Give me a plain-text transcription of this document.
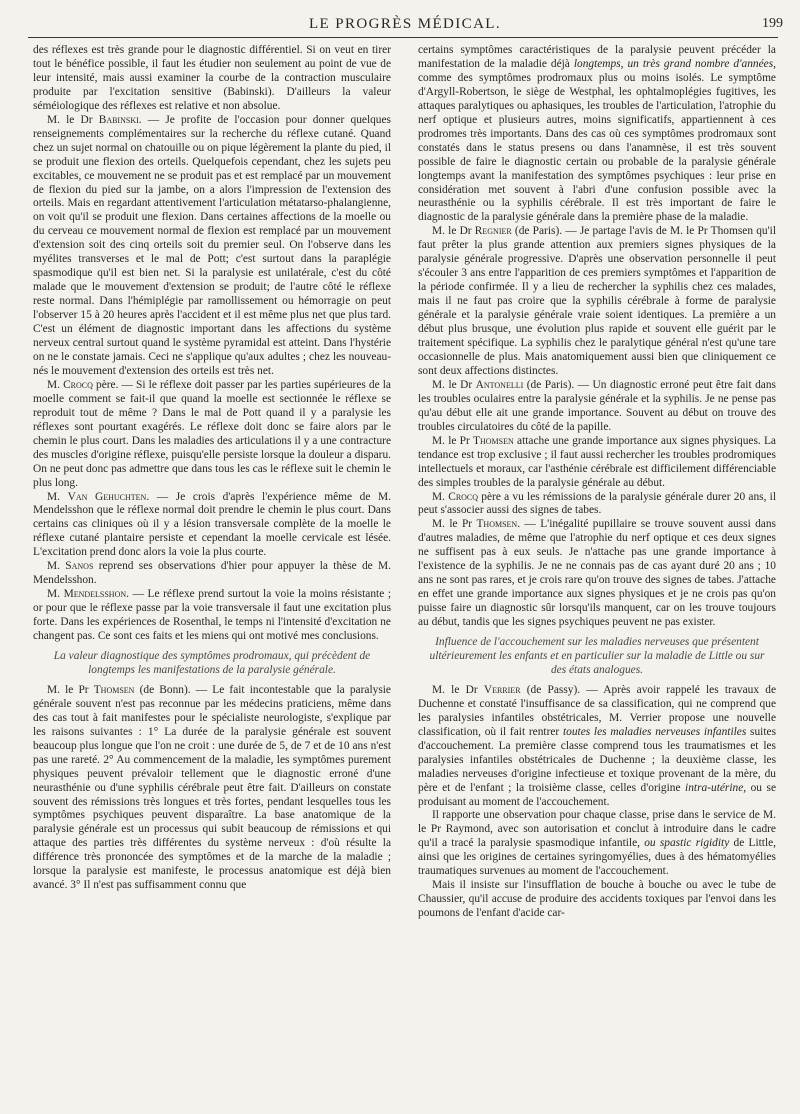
LE PROGRÈS MÉDICAL.	199

des réflexes est très grande pour le diagnostic différentiel. Si on veut en tirer tout le bénéfice possible, il faut les étudier non seulement au point de vue de leur intensité, mais aussi examiner la courbe de la contraction musculaire produite par l'excitation sensitive (Babinski). D'ailleurs la valeur séméiologique des réflexes est relative et non absolue.

M. le Dr Babinski. — Je profite de l'occasion pour donner quelques renseignements complémentaires sur la recherche du réflexe cutané. Quand chez un sujet normal on chatouille ou on pique légèrement la plante du pied, il se produit une flexion des orteils. Quelquefois cependant, chez les sujets peu excitables, ce mouvement ne se produit pas et est remplacé par un mouvement de flexion du pied sur la jambe, on a alors l'impression de l'extension des orteils. Mais en regardant attentivement l'articulation métatarso-phalangienne, on voit qu'il se produit une flexion. Dans certaines affections de la moelle ou du cerveau ce mouvement normal de flexion est remplacé par un mouvement d'extension soit des cinq orteils soit du premier seul. On l'observe dans les myélites transverses et le mal de Pott; c'est surtout dans la paraplégie spasmodique qu'il est bien net. Si la paralysie est unilatérale, c'est du côté malade que le mouvement d'extension se produit; de l'autre côté le réflexe reste normal. Dans l'hémiplégie par ramollissement ou hémorragie on peut l'observer 15 à 20 heures après l'accident et il est même plus net que plus tard. C'est un élément de diagnostic important dans les affections du système nerveux central surtout quand le système pyramidal est atteint. Dans l'hystérie on ne le constate jamais. Ceci ne s'applique qu'aux adultes ; chez les nouveau-nés le mouvement d'extension des orteils est très net.

M. Crocq père. — Si le réflexe doit passer par les parties supérieures de la moelle comment se fait-il que quand la moelle est sectionnée le réflexe se reproduit tout de même ? Dans le mal de Pott quand il y a paralysie les réflexes sont pourtant exagérés. Le réflexe doit donc se faire alors par le chemin le plus court. Dans les maladies des articulations il y a une contracture des muscles d'origine réflexe, puisqu'elle persiste lorsque la douleur a disparu. On ne peut donc pas admettre que dans tous les cas le réflexe suit le chemin le plus long.

M. Van Gehuchten. — Je crois d'après l'expérience même de M. Mendelsshon que le réflexe normal doit prendre le chemin le plus court. Dans certains cas cliniques où il y a lésion transversale complète de la moelle le réflexe cutané plantaire persiste et cependant la moelle cervicale est lésée. L'excitation prend donc alors la voie la plus courte.

M. Sanos reprend ses observations d'hier pour appuyer la thèse de M. Mendelsshon.

M. Mendelsshon. — Le réflexe prend surtout la voie la moins résistante ; or pour que le réflexe passe par la voie transversale il faut une excitation plus forte. Dans les expériences de Rosenthal, le temps ni l'intensité d'excitation ne changent pas. Ce sont ces faits et les miens qui ont motivé mes conclusions.

La valeur diagnostique des symptômes prodromaux, qui précèdent de longtemps les manifestations de la paralysie générale.

M. le Pr Thomsen (de Bonn). — Le fait incontestable que la paralysie générale souvent n'est pas reconnue par les médecins praticiens, même dans des cas tout à fait manifestes pour le spécialiste neurologiste, s'explique par les raisons suivantes : 1° La durée de la paralysie générale est souvent beaucoup plus longue que l'on ne croit : une durée de 5, de 7 et de 10 ans n'est pas une rareté. 2° Au commencement de la maladie, les symptômes purement physiques peuvent prévaloir tellement que le diagnostic erroné d'une neurasthénie ou d'une syphilis cérébrale peut être fait. D'ailleurs on constate souvent des rémissions très longues et très fortes, pendant lesquelles tous les symptômes psychiques peuvent disparaître. La base anatomique de la paralysie générale est un processus qui subit beaucoup de rémissions et qui attaque des parties très différentes du système nerveux : d'où résulte la différence très prononcée des symptômes et de la marche de la maladie ; lorsque la paralysie est manifeste, le processus anatomique est déjà bien avancé. 3° Il n'est pas suffisamment connu que

certains symptômes caractéristiques de la paralysie peuvent précéder la manifestation de la maladie déjà longtemps, un très grand nombre d'années, comme des symptômes prodromaux plus ou moins isolés. Le symptôme d'Argyll-Robertson, le siège de Westphal, les ophtalmoplégies fugitives, les attaques paralytiques ou aphasiques, les troubles de l'articulation, l'atrophie du nerf optique et plusieurs autres, moins significatifs, appartiennent à ces prodromes très importants. Dans des cas où ces symptômes prodromaux sont constatés dans le status presens ou dans l'anamnèse, il est très souvent possible de faire le diagnostic certain ou probable de la paralysie générale longtemps avant la manifestation des symptômes psychiques : leur prise en considération met souvent à l'abri d'une confusion possible avec la neurasthénie ou la syphilis cérébrale. Il est très important de faire le diagnostic de la paralysie générale dans la première phase de la maladie.

M. le Dr Regnier (de Paris). — Je partage l'avis de M. le Pr Thomsen qu'il faut prêter la plus grande attention aux premiers signes physiques de la paralysie générale progressive. D'après une observation personnelle il peut s'écouler 3 ans entre l'apparition de ces premiers symptômes et l'apparition de la période confirmée. Il y a lieu de rechercher la syphilis chez ces malades, mais il ne faut pas croire que la syphilis cérébrale à forme de paralysie générale et la paralysie générale vraie soient identiques. La première a un début plus brusque, une évolution plus rapide et souvent elle guérit par le traitement spécifique. La syphilis chez le paralytique général n'est qu'une tare occasionnelle de plus. Mais anatomiquement aussi bien que cliniquement ce sont deux affections distinctes.

M. le Dr Antonelli (de Paris). — Un diagnostic erroné peut être fait dans les troubles oculaires entre la paralysie générale et la syphilis. Je ne pense pas qu'au début elle ait une grande importance. Souvent au début on trouve des troubles circulatoires du côté de la papille.

M. le Pr Thomsen attache une grande importance aux signes physiques. La tendance est trop exclusive ; il faut aussi rechercher les troubles prodromiques intellectuels et moraux, car l'asthénie cérébrale est difficilement différenciable des simples troubles de la paralysie générale au début.

M. Crocq père a vu les rémissions de la paralysie générale durer 20 ans, il peut s'associer aussi des signes de tabes.

M. le Pr Thomsen. — L'inégalité pupillaire se trouve souvent aussi dans d'autres maladies, de même que l'atrophie du nerf optique et ces deux signes ne suffisent pas à eux seuls. Je n'attache pas une grande importance à l'existence de la syphilis. Je ne ne connais pas de cas ayant duré 20 ans ; 10 ans ne sont pas rares, et je crois rare qu'on trouve des signes de tabes. J'attache en effet une grande importance aux signes physiques et je ne crois pas qu'on puisse faire un diagnostic sûr lorsqu'ils manquent, car on les trouve toujours au début, tandis que les signes psychiques peuvent ne pas exister.

Influence de l'accouchement sur les maladies nerveuses que présentent ultérieurement les enfants et en particulier sur la maladie de Little ou sur des états analogues.

M. le Dr Verrier (de Passy). — Après avoir rappelé les travaux de Duchenne et constaté l'insuffisance de sa classification, qui ne comprend que les paralysies infantiles obstétricales, M. Verrier propose une nouvelle classification, où il fait rentrer toutes les maladies nerveuses infantiles suites d'accouchement. La première classe comprend tous les traumatismes et les paralysies infantiles obstétricales de Duchenne ; la deuxième classe, les maladies nerveuses d'origine infectieuse et toxique provenant de la mère, du père et de l'enfant ; la troisième classe, celles d'origine intra-utérine, ou se produisant au moment de l'accouchement.

Il rapporte une observation pour chaque classe, prise dans le service de M. le Pr Raymond, avec son autorisation et conclut à introduire dans le cadre qu'il a tracé la paralysie spasmodique infantile, ou spastic rigidity de Little, ainsi que les origines de certaines syringomyélies, dues à des hématomyélies traumatiques survenues au moment de l'accouchement.

Mais il insiste sur l'insufflation de bouche à bouche ou avec le tube de Chaussier, qu'il accuse de produire des accidents toxiques par l'envoi dans les poumons de l'enfant d'acide car-
